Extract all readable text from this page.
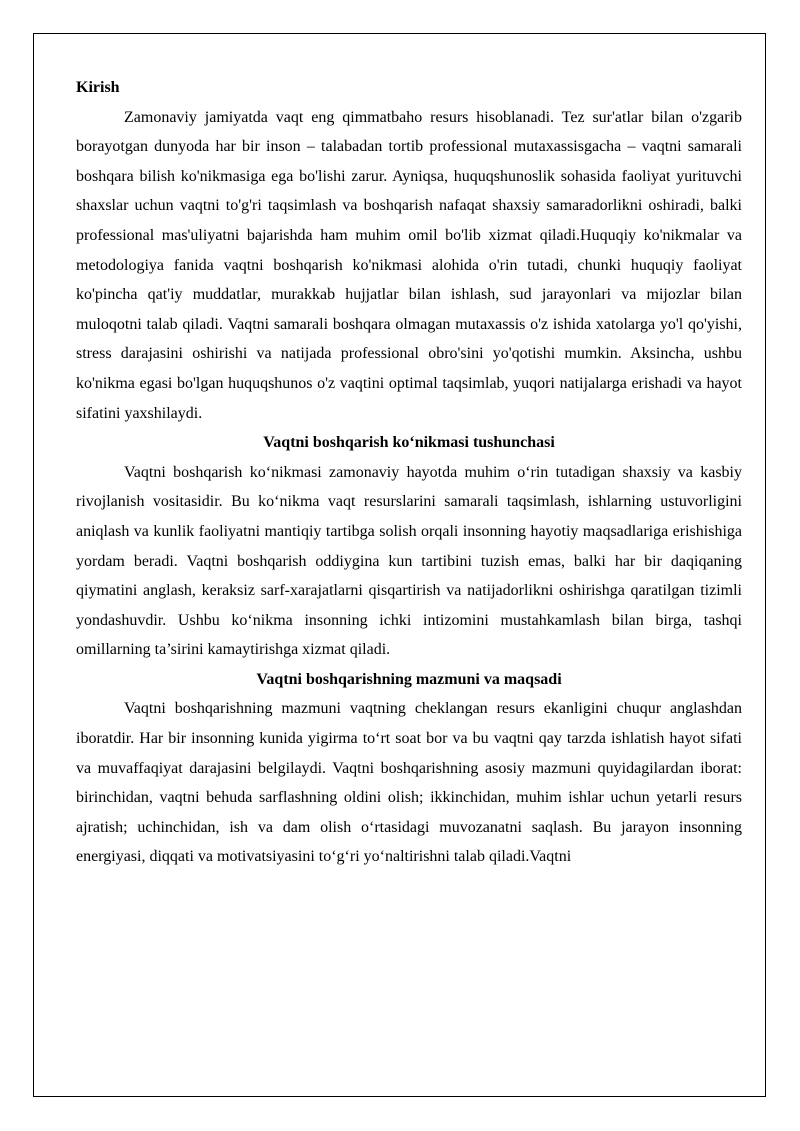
Kirish

Zamonaviy jamiyatda vaqt eng qimmatbaho resurs hisoblanadi. Tez sur'atlar bilan o'zgarib borayotgan dunyoda har bir inson – talabadan tortib professional mutaxassisgacha – vaqtni samarali boshqara bilish ko'nikmasiga ega bo'lishi zarur. Ayniqsa, huquqshunoslik sohasida faoliyat yurituvchi shaxslar uchun vaqtni to'g'ri taqsimlash va boshqarish nafaqat shaxsiy samaradorlikni oshiradi, balki professional mas'uliyatni bajarishda ham muhim omil bo'lib xizmat qiladi.Huquqiy ko'nikmalar va metodologiya fanida vaqtni boshqarish ko'nikmasi alohida o'rin tutadi, chunki huquqiy faoliyat ko'pincha qat'iy muddatlar, murakkab hujjatlar bilan ishlash, sud jarayonlari va mijozlar bilan muloqotni talab qiladi. Vaqtni samarali boshqara olmagan mutaxassis o'z ishida xatolarga yo'l qo'yishi, stress darajasini oshirishi va natijada professional obro'sini yo'qotishi mumkin. Aksincha, ushbu ko'nikma egasi bo'lgan huquqshunos o'z vaqtini optimal taqsimlab, yuqori natijalarga erishadi va hayot sifatini yaxshilaydi.

Vaqtni boshqarish ko‘nikmasi tushunchasi

Vaqtni boshqarish ko‘nikmasi zamonaviy hayotda muhim o‘rin tutadigan shaxsiy va kasbiy rivojlanish vositasidir. Bu ko‘nikma vaqt resurslarini samarali taqsimlash, ishlarning ustuvorligini aniqlash va kunlik faoliyatni mantiqiy tartibga solish orqali insonning hayotiy maqsadlariga erishishiga yordam beradi. Vaqtni boshqarish oddiygina kun tartibini tuzish emas, balki har bir daqiqaning qiymatini anglash, keraksiz sarf-xarajatlarni qisqartirish va natijadorlikni oshirishga qaratilgan tizimli yondashuvdir. Ushbu ko‘nikma insonning ichki intizomini mustahkamlash bilan birga, tashqi omillarning ta’sirini kamaytirishga xizmat qiladi.

Vaqtni boshqarishning mazmuni va maqsadi

Vaqtni boshqarishning mazmuni vaqtning cheklangan resurs ekanligini chuqur anglashdan iboratdir. Har bir insonning kunida yigirma to‘rt soat bor va bu vaqtni qay tarzda ishlatish hayot sifati va muvaffaqiyat darajasini belgilaydi. Vaqtni boshqarishning asosiy mazmuni quyidagilardan iborat: birinchidan, vaqtni behuda sarflashning oldini olish; ikkinchidan, muhim ishlar uchun yetarli resurs ajratish; uchinchidan, ish va dam olish o‘rtasidagi muvozanatni saqlash. Bu jarayon insonning energiyasi, diqqati va motivatsiyasini to‘g‘ri yo‘naltirishni talab qiladi.Vaqtni
